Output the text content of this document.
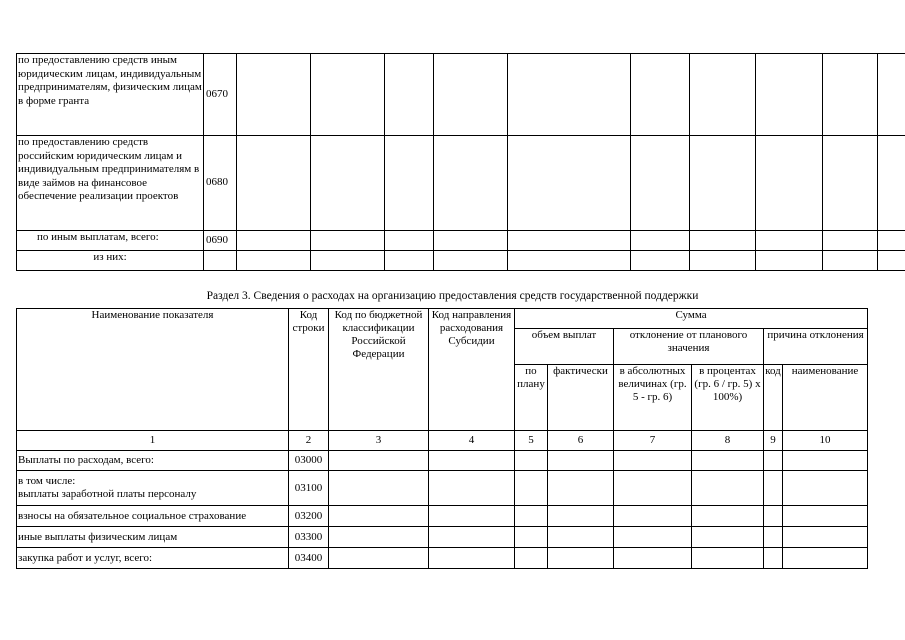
по предоставлению средств иным юридическим лицам, индивидуальным предпринимателям, физическим лицам в форме гранта	0670										
по предоставлению средств российским юридическим лицам и индивидуальным предпринимателям в виде займов на финансовое обеспечение реализации проектов	0680										
по иным выплатам, всего:	0690										
из них:											
Раздел 3. Сведения о расходах на организацию предоставления средств государственной поддержки
Наименование показателя	Код строки	Код по бюджетной классификации Российской Федерации	Код направления расходования Субсидии	Сумма					
				объем выплат		отклонение от планового значения		причина отклонения	
				по плану	фактически	в абсолютных величинах (гр. 5 - гр. 6)	в процентах (гр. 6 / гр. 5) x 100%)	код	наименование
1	2	3	4	5	6	7	8	9	10
Выплаты по расходам, всего:	03000								

в том числе:
выплаты заработной платы персоналу	03100								
взносы на обязательное социальное страхование	03200								
иные выплаты физическим лицам	03300								
закупка работ и услуг, всего:	03400								
